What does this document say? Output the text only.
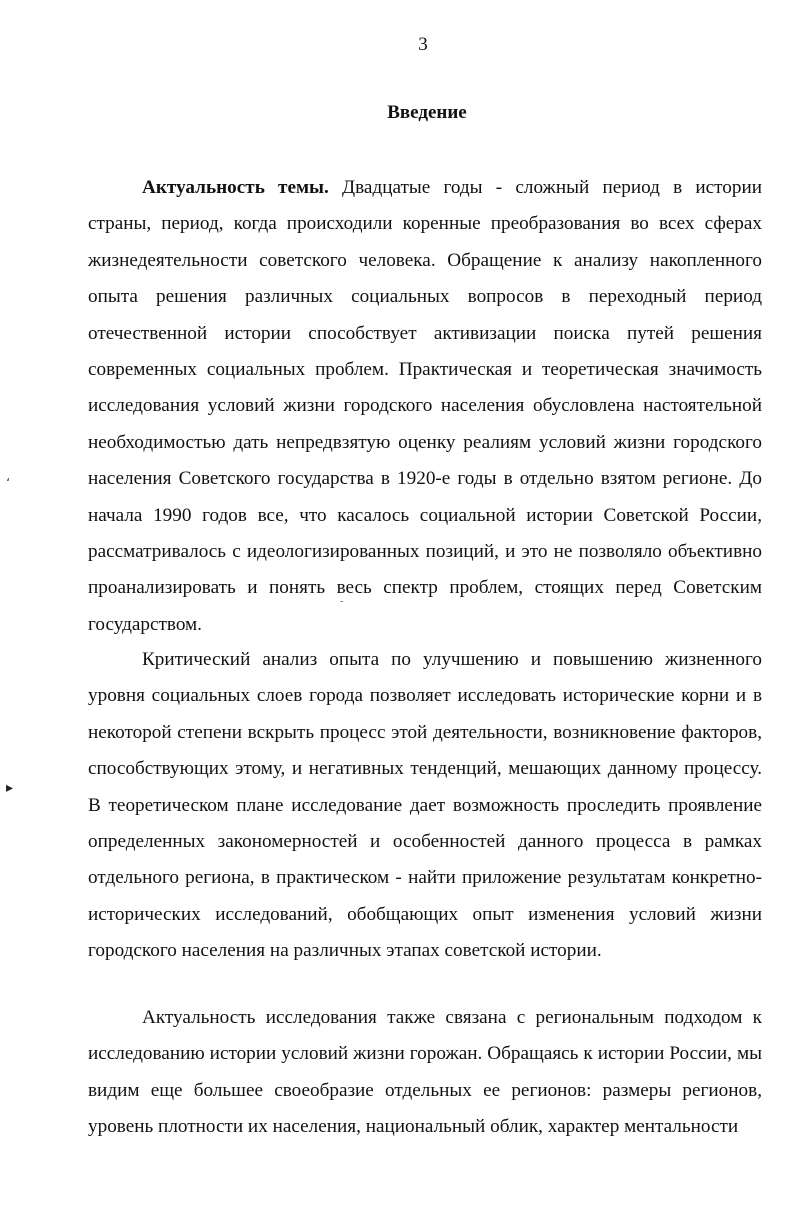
3
Введение

Актуальность темы. Двадцатые годы - сложный период в истории страны, период, когда происходили коренные преобразования во всех сферах жизнедеятельности советского человека. Обращение к анализу накопленного опыта решения различных социальных вопросов в переходный период отечественной истории способствует активизации поиска путей решения современных социальных проблем. Практическая и теоретическая значимость исследования условий жизни городского населения обусловлена настоятельной необходимостью дать непредвзятую оценку реалиям условий жизни городского населения Советского государства в 1920-е годы в отдельно взятом регионе. До начала 1990 годов все, что касалось социальной истории Советской России, рассматривалось с идеологизированных позиций, и это не позволяло объективно проанализировать и понять весь спектр проблем, стоящих перед Советским государством.

Критический анализ опыта по улучшению и повышению жизненного уровня социальных слоев города позволяет исследовать исторические корни и в некоторой степени вскрыть процесс этой деятельности, возникновение факторов, способствующих этому, и негативных тенденций, мешающих данному процессу. В теоретическом плане исследование дает возможность проследить проявление определенных закономерностей и особенностей данного процесса в рамках отдельного региона, в практическом - найти приложение результатам конкретно-исторических исследований, обобщающих опыт изменения условий жизни городского населения на различных этапах советской истории.

Актуальность исследования также связана с региональным подходом к исследованию истории условий жизни горожан. Обращаясь к истории России, мы видим еще большее своеобразие отдельных ее регионов: размеры регионов, уровень плотности их населения, национальный облик, характер ментальности

،
▸
-
